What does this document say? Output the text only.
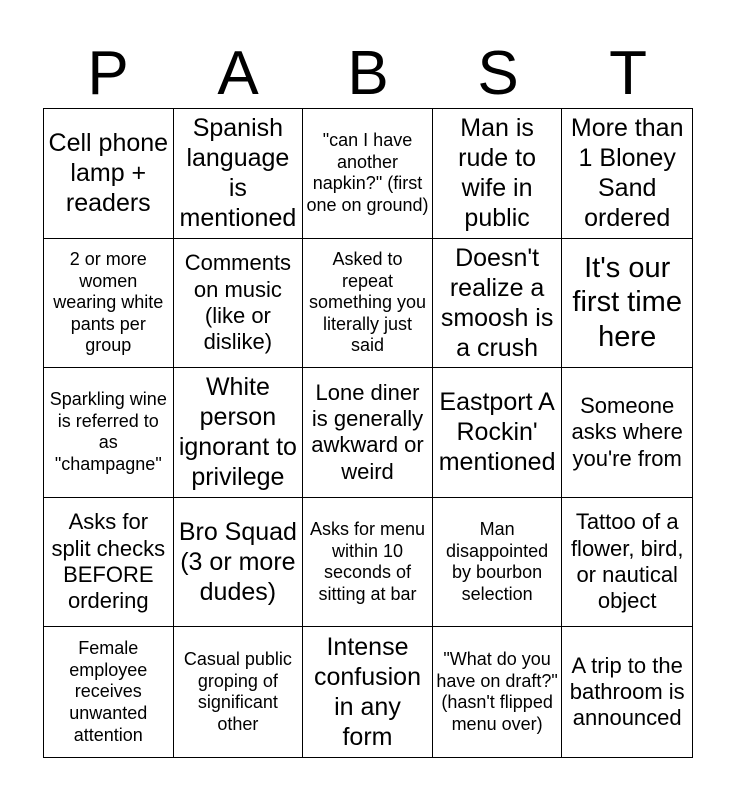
P	A	B	S	T
Cell phone lamp + readers
Spanish language is mentioned
"can I have another napkin?" (first one on ground)
Man is rude to wife in public
More than 1 Bloney Sand ordered
2 or more women wearing white pants per group
Comments on music (like or dislike)
Asked to repeat something you literally just said
Doesn't realize a smoosh is a crush
It's our first time here
Sparkling wine is referred to as "champagne"
White person ignorant to privilege
Lone diner is generally awkward or weird
Eastport A Rockin' mentioned
Someone asks where you're from
Asks for split checks BEFORE ordering
Bro Squad (3 or more dudes)
Asks for menu within 10 seconds of sitting at bar
Man disappointed by bourbon selection
Tattoo of a flower, bird, or nautical object
Female employee receives unwanted attention
Casual public groping of significant other
Intense confusion in any form
"What do you have on draft?" (hasn't flipped menu over)
A trip to the bathroom is announced
